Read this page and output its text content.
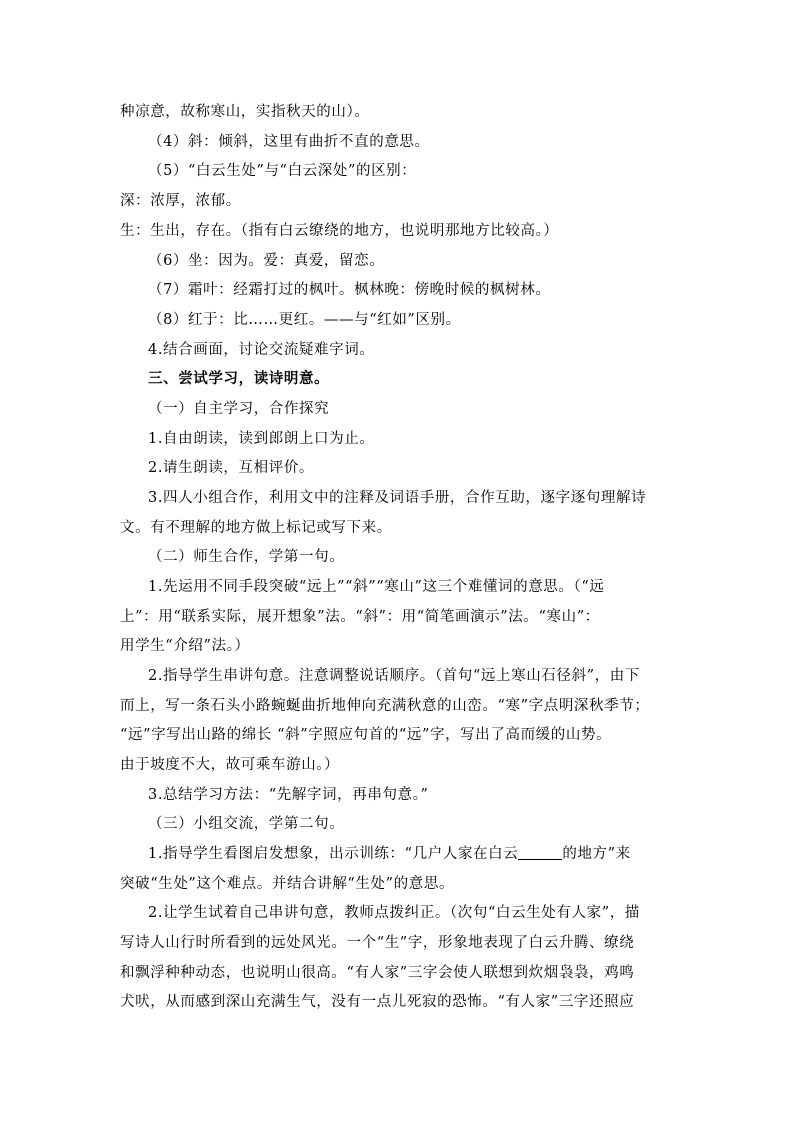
种凉意，故称寒山，实指秋天的山）。
（4）斜：倾斜，这里有曲折不直的意思。
（5）“白云生处”与“白云深处”的区别：
深：浓厚，浓郁。
生：生出，存在。（指有白云缭绕的地方，也说明那地方比较高。）
（6）坐：因为。爱：真爱，留恋。
（7）霜叶：经霜打过的枫叶。枫林晚：傍晚时候的枫树林。
（8）红于：比……更红。——与“红如”区别。
4.结合画面，讨论交流疑难字词。
三、尝试学习，读诗明意。
（一）自主学习，合作探究
1.自由朗读，读到郎朗上口为止。
2.请生朗读，互相评价。
3.四人小组合作，利用文中的注释及词语手册，合作互助，逐字逐句理解诗
文。有不理解的地方做上标记或写下来。
（二）师生合作，学第一句。
1.先运用不同手段突破“远上”“斜”“寒山”这三个难懂词的意思。（“远
上”：用“联系实际，展开想象”法。“斜”：用“简笔画演示”法。“寒山”：
用学生“介绍”法。）
2.指导学生串讲句意。注意调整说话顺序。（首句“远上寒山石径斜”，由下
而上，写一条石头小路蜿蜒曲折地伸向充满秋意的山峦。“寒”字点明深秋季节；
“远”字写出山路的绵长 “斜”字照应句首的“远”字，写出了高而缓的山势。
由于坡度不大，故可乘车游山。）
3.总结学习方法：“先解字词，再串句意。”
（三）小组交流，学第二句。
1.指导学生看图启发想象，出示训练：“几户人家在白云	的地方”来
突破“生处”这个难点。并结合讲解“生处”的意思。
2.让学生试着自己串讲句意，教师点拨纠正。（次句“白云生处有人家”，描
写诗人山行时所看到的远处风光。一个“生”字，形象地表现了白云升腾、缭绕
和飘浮种种动态，也说明山很高。“有人家”三字会使人联想到炊烟袅袅，鸡鸣
犬吠，从而感到深山充满生气，没有一点儿死寂的恐怖。“有人家”三字还照应
